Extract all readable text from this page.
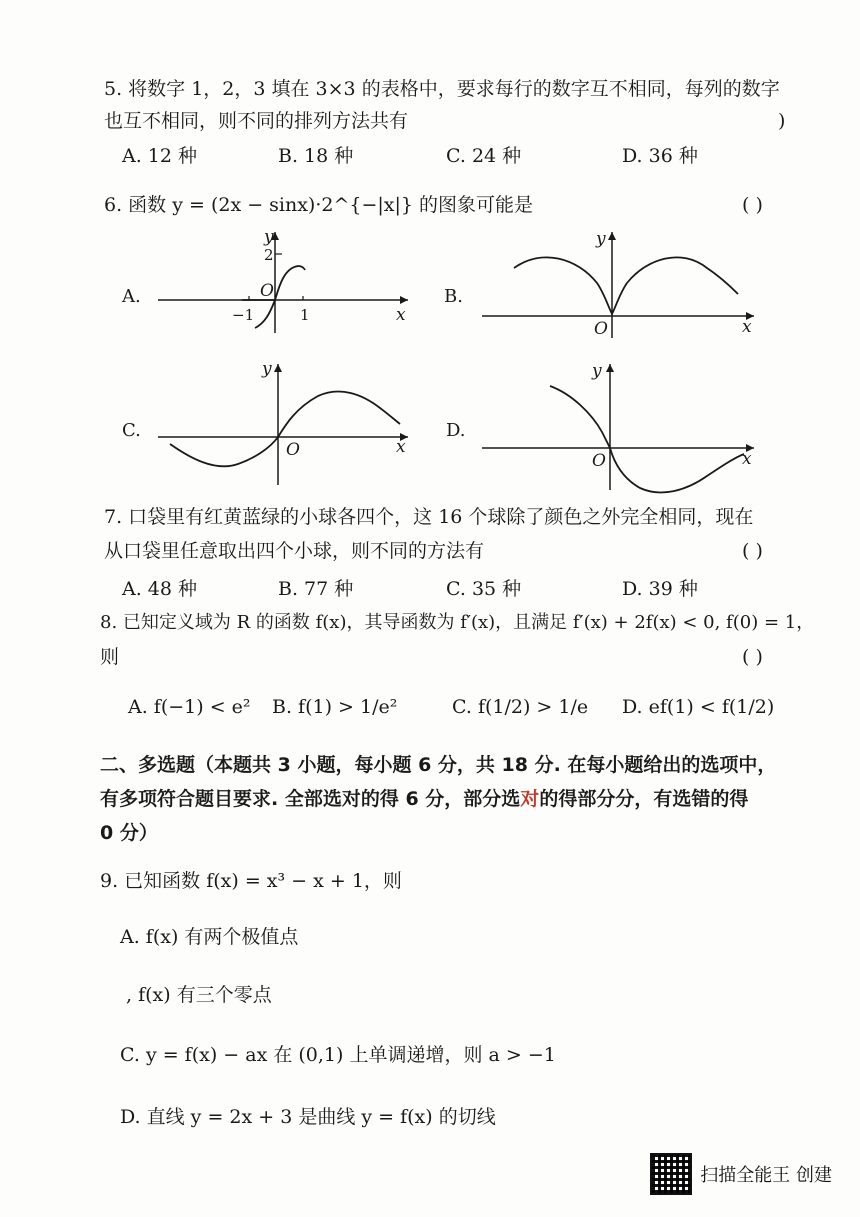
5. 将数字 1，2，3 填在 3×3 的表格中，要求每行的数字互不相同，每列的数字
也互不相同，则不同的排列方法共有	)
A. 12 种	B. 18 种	C. 24 种	D. 36 种
6. 函数 y = (2x − sinx)·2^{−|x|} 的图象可能是	( )
A.
y
2
O
−1	1	x
B.
y
O	x
C.
y
O	x
D.
y
O	x
7. 口袋里有红黄蓝绿的小球各四个，这 16 个球除了颜色之外完全相同，现在
从口袋里任意取出四个小球，则不同的方法有	( )
A. 48 种	B. 77 种	C. 35 种	D. 39 种
8. 已知定义域为 R 的函数 f(x)，其导函数为 f′(x)，且满足 f′(x) + 2f(x) < 0, f(0) = 1，
则	( )
A. f(−1) < e² B. f(1) > 1/e²	C. f(1/2) > 1/e D. ef(1) < f(1/2)
二、多选题（本题共 3 小题，每小题 6 分，共 18 分. 在每小题给出的选项中，
有多项符合题目要求. 全部选对的得 6 分，部分选对的得部分分，有选错的得
0 分）
9. 已知函数 f(x) = x³ − x + 1，则
A. f(x) 有两个极值点
, f(x) 有三个零点
C. y = f(x) − ax 在 (0,1) 上单调递增，则 a > −1
D. 直线 y = 2x + 3 是曲线 y = f(x) 的切线
扫描全能王 创建
